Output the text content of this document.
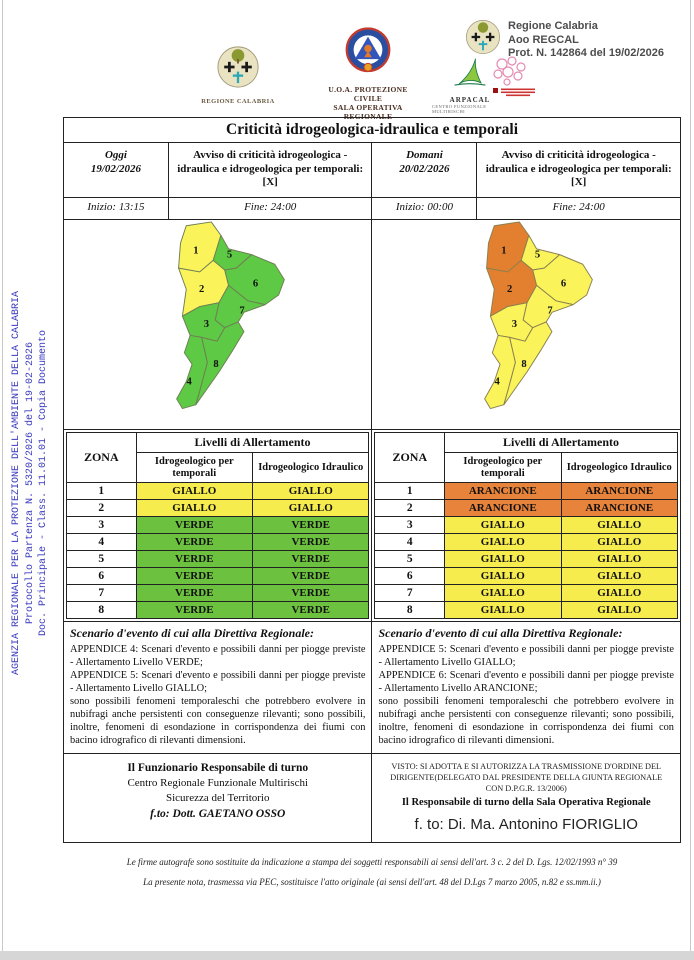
REGIONE CALABRIA
U.O.A. PROTEZIONE CIVILE
SALA OPERATIVA REGIONALE
ARPACAL
CENTRO FUNZIONALE MULTIRISCHI
Regione Calabria
Aoo REGCAL
Prot. N. 142864 del 19/02/2026
AGENZIA REGIONALE PER LA PROTEZIONE DELL'AMBIENTE DELLA CALABRIA Protocollo Partenza N. 5320/2026 del 19-02-2026 Doc. Principale - Class. 11.01.01 - Copia Documento
Criticità idrogeologica-idraulica e temporali

Oggi
19/02/2026
	Avviso di criticità idrogeologica - idraulica e idrogeologica per temporali: [X]	
Domani
20/02/2026
	Avviso di criticità idrogeologica - idraulica e idrogeologica per temporali: [X]
Inizio: 13:15	Fine: 24:00	Inizio: 00:00	Fine: 24:00

1	5
2
6
7
3
4
8

1	5
2
6
7
3
4
8

ZONA	Livelli di Allertamento
Idrogeologico per temporali	Idrogeologico Idraulico
1	GIALLO	GIALLO
2	GIALLO	GIALLO
3	VERDE	VERDE
4	VERDE	VERDE
5	VERDE	VERDE
6	VERDE	VERDE
7	VERDE	VERDE
8	VERDE	VERDE

ZONA	Livelli di Allertamento
Idrogeologico per temporali	Idrogeologico Idraulico
1	ARANCIONE	ARANCIONE
2	ARANCIONE	ARANCIONE
3	GIALLO	GIALLO
4	GIALLO	GIALLO
5	GIALLO	GIALLO
6	GIALLO	GIALLO
7	GIALLO	GIALLO
8	GIALLO	GIALLO

Scenario d'evento di cui alla Direttiva Regionale:
APPENDICE 4: Scenari d'evento e possibili danni per piogge previste - Allertamento Livello VERDE;
APPENDICE 5: Scenari d'evento e possibili danni per piogge previste - Allertamento Livello GIALLO;
sono possibili fenomeni temporaleschi che potrebbero evolvere in nubifragi anche persistenti con conseguenze rilevanti; sono possibili, inoltre, fenomeni di esondazione in corrispondenza dei fiumi con bacino idrografico di rilevanti dimensioni.

Scenario d'evento di cui alla Direttiva Regionale:
APPENDICE 5: Scenari d'evento e possibili danni per piogge previste - Allertamento Livello GIALLO;
APPENDICE 6: Scenari d'evento e possibili danni per piogge previste - Allertamento Livello ARANCIONE;
sono possibili fenomeni temporaleschi che potrebbero evolvere in nubifragi anche persistenti con conseguenze rilevanti; sono possibili, inoltre, fenomeni di esondazione in corrispondenza dei fiumi con bacino idrografico di rilevanti dimensioni.

Il Funzionario Responsabile di turno
Centro Regionale Funzionale Multirischi
Sicurezza del Territorio
f.to: Dott. GAETANO OSSO

VISTO: SI ADOTTA E SI AUTORIZZA LA TRASMISSIONE D'ORDINE DEL DIRIGENTE(DELEGATO DAL PRESIDENTE DELLA GIUNTA REGIONALE CON D.P.G.R. 13/2006)
Il Responsabile di turno della Sala Operativa Regionale
f. to: Di. Ma. Antonino FIORIGLIO
Le firme autografe sono sostituite da indicazione a stampa dei soggetti responsabili ai sensi dell'art. 3 c. 2 del D. Lgs. 12/02/1993 n° 39
La presente nota, trasmessa via PEC, sostituisce l'atto originale (ai sensi dell'art. 48 del D.Lgs 7 marzo 2005, n.82 e ss.mm.ii.)
